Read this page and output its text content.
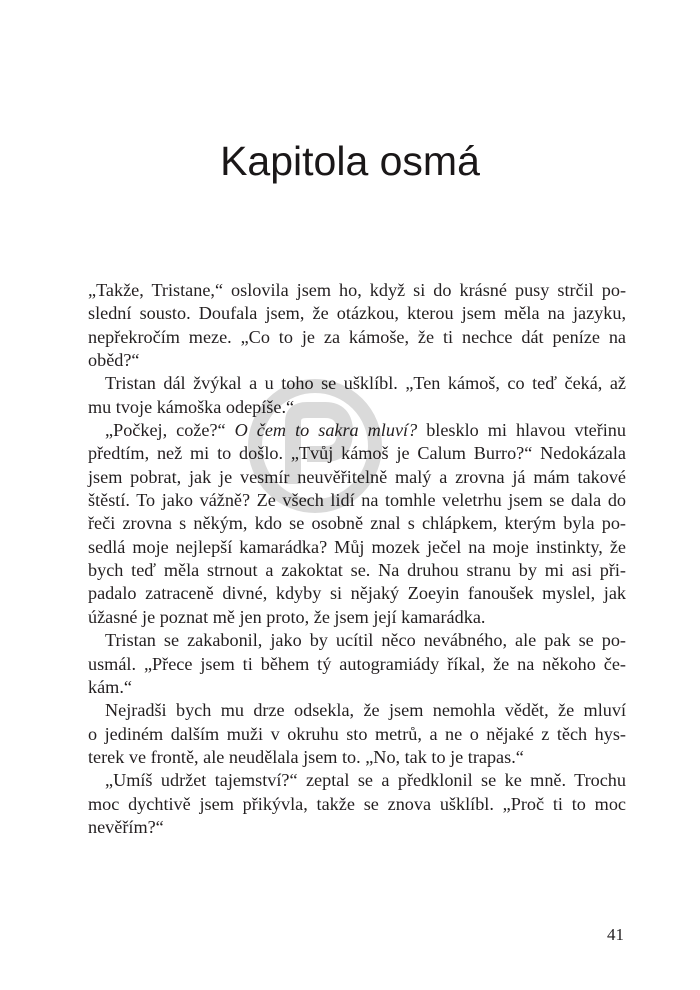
Kapitola osmá
„Takže, Tristane,“ oslovila jsem ho, když si do krásné pusy strčil po-
slední sousto. Doufala jsem, že otázkou, kterou jsem měla na jazyku,
nepřekročím meze. „Co to je za kámoše, že ti nechce dát peníze na
oběd?“
Tristan dál žvýkal a u toho se ušklíbl. „Ten kámoš, co teď čeká, až
mu tvoje kámoška odepíše.“
„Počkej, cože?“ O čem to sakra mluví? blesklo mi hlavou vteřinu
předtím, než mi to došlo. „Tvůj kámoš je Calum Burro?“ Nedokázala
jsem pobrat, jak je vesmír neuvěřitelně malý a zrovna já mám takové
štěstí. To jako vážně? Ze všech lidí na tomhle veletrhu jsem se dala do
řeči zrovna s někým, kdo se osobně znal s chlápkem, kterým byla po-
sedlá moje nejlepší kamarádka? Můj mozek ječel na moje instinkty, že
bych teď měla strnout a zakoktat se. Na druhou stranu by mi asi při-
padalo zatraceně divné, kdyby si nějaký Zoeyin fanoušek myslel, jak
úžasné je poznat mě jen proto, že jsem její kamarádka.
Tristan se zakabonil, jako by ucítil něco nevábného, ale pak se po-
usmál. „Přece jsem ti během tý autogramiády říkal, že na někoho če-
kám.“
Nejradši bych mu drze odsekla, že jsem nemohla vědět, že mluví
o jediném dalším muži v okruhu sto metrů, a ne o nějaké z těch hys-
terek ve frontě, ale neudělala jsem to. „No, tak to je trapas.“
„Umíš udržet tajemství?“ zeptal se a předklonil se ke mně. Trochu
moc dychtivě jsem přikývla, takže se znova ušklíbl. „Proč ti to moc
nevěřím?“
41
